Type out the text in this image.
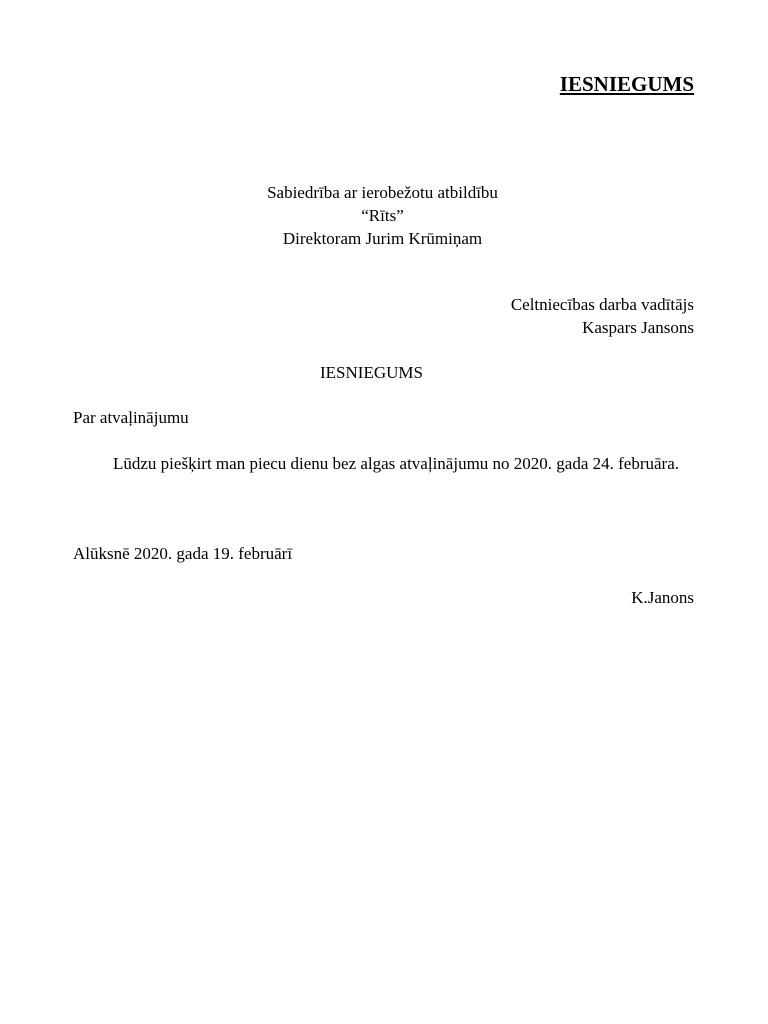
IESNIEGUMS
Sabiedrība ar ierobežotu atbildību
“Rīts”
Direktoram Jurim Krūmiņam
Celtniecības darba vadītājs
Kaspars Jansons
IESNIEGUMS
Par atvaļinājumu
Lūdzu piešķirt man piecu dienu bez algas atvaļinājumu no 2020. gada 24. februāra.
Alūksnē 2020. gada 19. februārī
K.Janons
